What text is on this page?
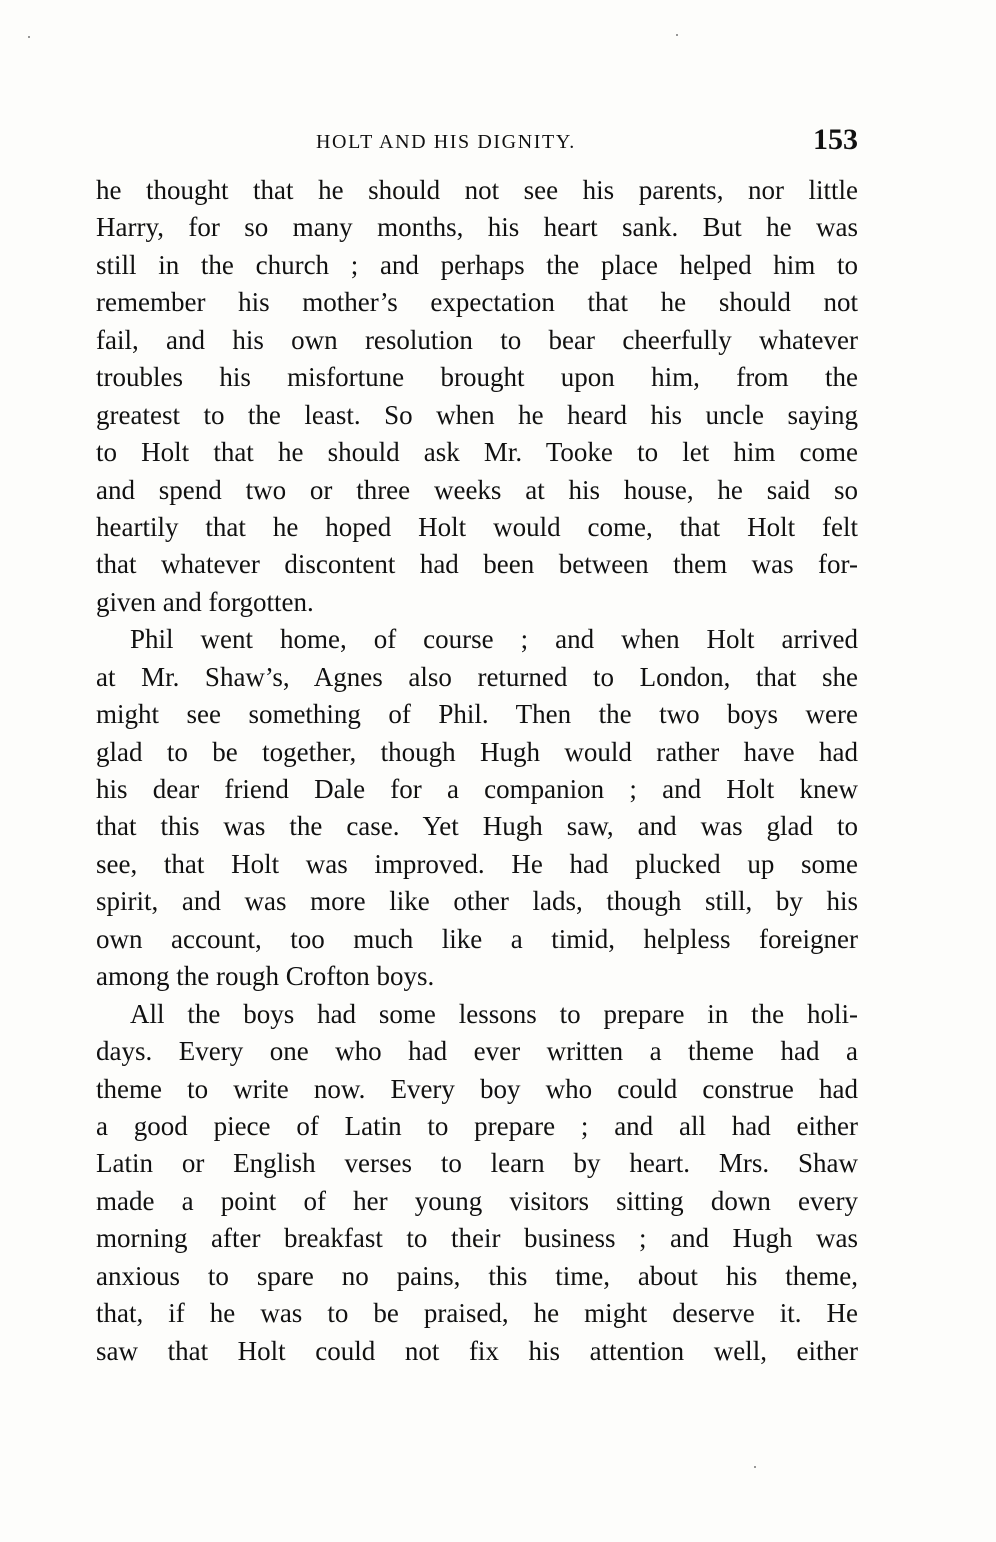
HOLT AND HIS DIGNITY.	153
he thought that he should not see his parents, nor little
Harry, for so many months, his heart sank. But he was
still in the church ; and perhaps the place helped him to
remember his mother’s expectation that he should not
fail, and his own resolution to bear cheerfully whatever
troubles his misfortune brought upon him, from the
greatest to the least. So when he heard his uncle saying
to Holt that he should ask Mr. Tooke to let him come
and spend two or three weeks at his house, he said so
heartily that he hoped Holt would come, that Holt felt
that whatever discontent had been between them was for-
given and forgotten.
Phil went home, of course ; and when Holt arrived
at Mr. Shaw’s, Agnes also returned to London, that she
might see something of Phil. Then the two boys were
glad to be together, though Hugh would rather have had
his dear friend Dale for a companion ; and Holt knew
that this was the case. Yet Hugh saw, and was glad to
see, that Holt was improved. He had plucked up some
spirit, and was more like other lads, though still, by his
own account, too much like a timid, helpless foreigner
among the rough Crofton boys.
All the boys had some lessons to prepare in the holi-
days. Every one who had ever written a theme had a
theme to write now. Every boy who could construe had
a good piece of Latin to prepare ; and all had either
Latin or English verses to learn by heart. Mrs. Shaw
made a point of her young visitors sitting down every
morning after breakfast to their business ; and Hugh was
anxious to spare no pains, this time, about his theme,
that, if he was to be praised, he might deserve it. He
saw that Holt could not fix his attention well, either
